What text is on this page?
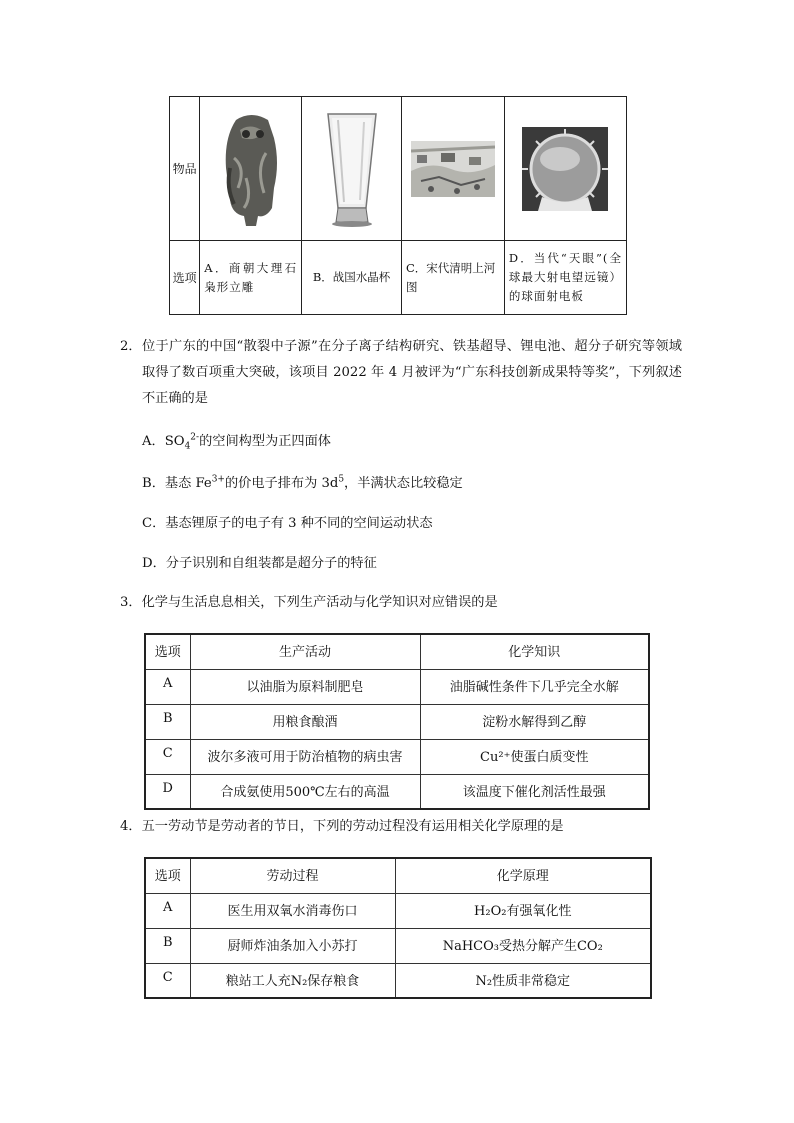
物品

选项	A．商朝大理石枭形立雕	B．战国水晶杯	C．宋代清明上河图	D．当代“天眼”(全球最大射电望远镜）的球面射电板
2． 位于广东的中国“散裂中子源”在分子离子结构研究、铁基超导、锂电池、超分子研究等领域取得了数百项重大突破，该项目 2022 年 4 月被评为“广东科技创新成果特等奖”，下列叙述不正确的是
A．$SO_4^{2-}$的空间构型为正四面体
B．基态 $Fe^{3+}$的价电子排布为 $3d^5$，半满状态比较稳定
C．基态锂原子的电子有 3 种不同的空间运动状态
D．分子识别和自组装都是超分子的特征
3．化学与生活息息相关，下列生产活动与化学知识对应错误的是
选项	生产活动	化学知识
A	以油脂为原料制肥皂	油脂碱性条件下几乎完全水解
B	用粮食酿酒	淀粉水解得到乙醇
C	波尔多液可用于防治植物的病虫害	Cu²⁺使蛋白质变性
D	合成氨使用500℃左右的高温	该温度下催化剂活性最强
4．五一劳动节是劳动者的节日，下列的劳动过程没有运用相关化学原理的是
选项	劳动过程	化学原理
A	医生用双氧水消毒伤口	H₂O₂有强氧化性
B	厨师炸油条加入小苏打	NaHCO₃受热分解产生CO₂
C	粮站工人充N₂保存粮食	N₂性质非常稳定
